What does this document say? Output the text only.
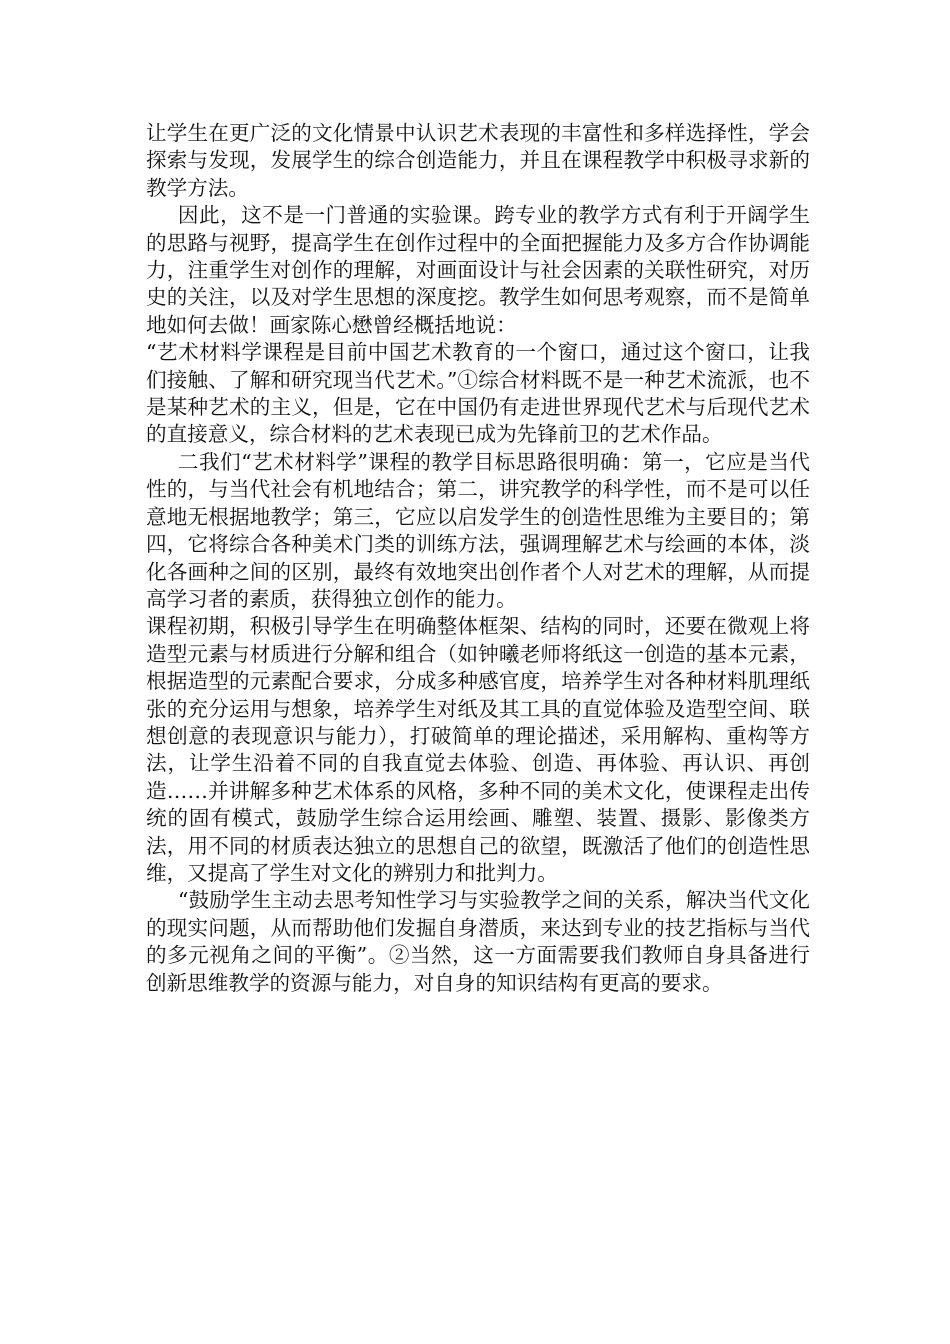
让学生在更广泛的文化情景中认识艺术表现的丰富性和多样选择性，学会探索与发现，发展学生的综合创造能力，并且在课程教学中积极寻求新的教学方法。

因此，这不是一门普通的实验课。跨专业的教学方式有利于开阔学生的思路与视野，提高学生在创作过程中的全面把握能力及多方合作协调能力，注重学生对创作的理解，对画面设计与社会因素的关联性研究，对历史的关注，以及对学生思想的深度挖。教学生如何思考观察，而不是简单地如何去做！画家陈心懋曾经概括地说：

“艺术材料学课程是目前中国艺术教育的一个窗口，通过这个窗口，让我们接触、了解和研究现当代艺术。”①综合材料既不是一种艺术流派，也不是某种艺术的主义，但是，它在中国仍有走进世界现代艺术与后现代艺术的直接意义，综合材料的艺术表现已成为先锋前卫的艺术作品。

二我们“艺术材料学”课程的教学目标思路很明确：第一，它应是当代性的，与当代社会有机地结合；第二，讲究教学的科学性，而不是可以任意地无根据地教学；第三，它应以启发学生的创造性思维为主要目的；第四，它将综合各种美术门类的训练方法，强调理解艺术与绘画的本体，淡化各画种之间的区别，最终有效地突出创作者个人对艺术的理解，从而提高学习者的素质，获得独立创作的能力。

课程初期，积极引导学生在明确整体框架、结构的同时，还要在微观上将造型元素与材质进行分解和组合（如钟曦老师将纸这一创造的基本元素，根据造型的元素配合要求，分成多种感官度，培养学生对各种材料肌理纸张的充分运用与想象，培养学生对纸及其工具的直觉体验及造型空间、联想创意的表现意识与能力），打破简单的理论描述，采用解构、重构等方法，让学生沿着不同的自我直觉去体验、创造、再体验、再认识、再创造……并讲解多种艺术体系的风格，多种不同的美术文化，使课程走出传统的固有模式，鼓励学生综合运用绘画、雕塑、装置、摄影、影像类方法，用不同的材质表达独立的思想自己的欲望，既激活了他们的创造性思维，又提高了学生对文化的辨别力和批判力。

“鼓励学生主动去思考知性学习与实验教学之间的关系，解决当代文化的现实问题，从而帮助他们发掘自身潜质，来达到专业的技艺指标与当代的多元视角之间的平衡”。②当然，这一方面需要我们教师自身具备进行创新思维教学的资源与能力，对自身的知识结构有更高的要求。
